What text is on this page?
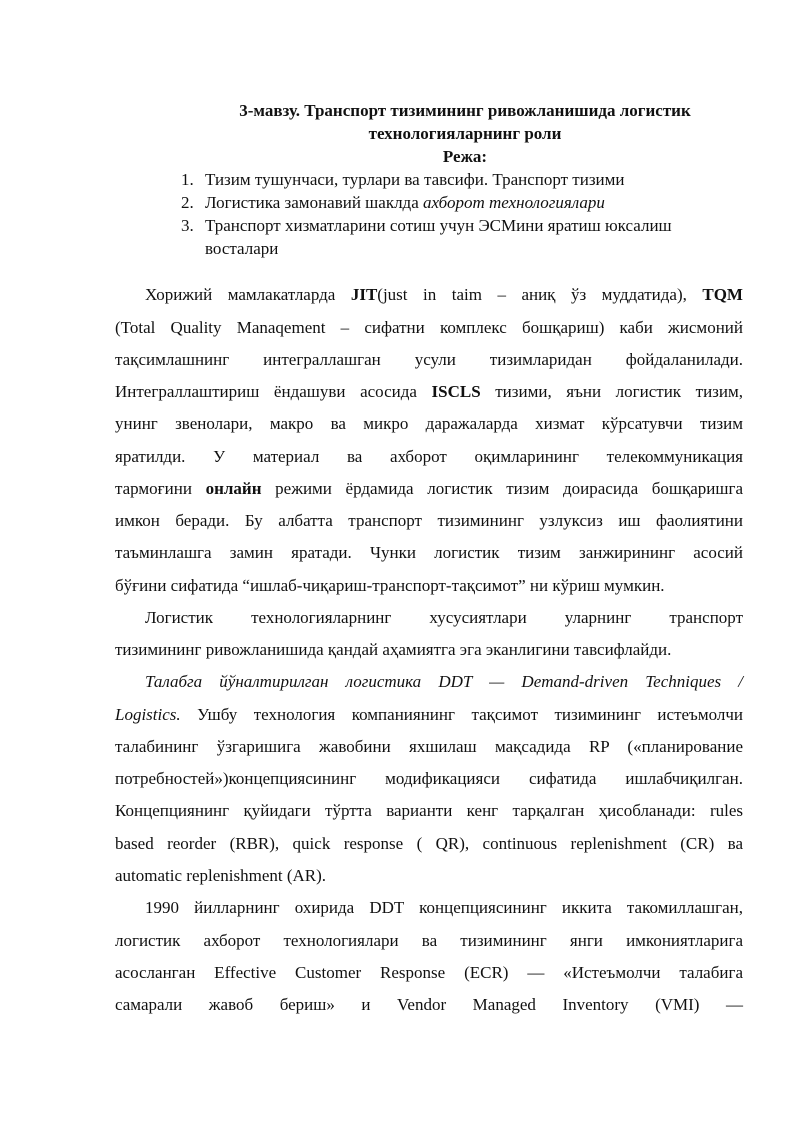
3-мавзу. Транспорт тизимининг ривожланишида логистик
технологияларнинг роли
Режа:
1. Тизим тушунчаси, турлари ва тавсифи. Транспорт тизими
2. Логистика замонавий шаклда ахборот технологиялари
3. Транспорт хизматларини сотиш учун ЭСМини яратиш юксалиш
восталари
Хорижий мамлакатларда JIT(just in taim – аниқ ўз муддатида), TQM
(Total Quality Manaqement – сифатни комплекс бошқариш) каби жисмоний
тақсимлашнинг интеграллашган усули тизимларидан фойдаланилади.
Интеграллаштириш ёндашуви асосида ISCLS тизими, яъни логистик тизим,
унинг звенолари, макро ва микро даражаларда хизмат кўрсатувчи тизим
яратилди. У материал ва ахборот оқимларининг телекоммуникация
тармоғини онлайн режими ёрдамида логистик тизим доирасида бошқаришга
имкон беради. Бу албатта транспорт тизимининг узлуксиз иш фаолиятини
таъминлашга замин яратади. Чунки логистик тизим занжирининг асосий
бўғини сифатида “ишлаб-чиқариш-транспорт-тақсимот” ни кўриш мумкин.
Логистик технологияларнинг хусусиятлари уларнинг транспорт
тизимининг ривожланишида қандай аҳамиятга эга эканлигини тавсифлайди.
Талабга йўналтирилган логистика DDT — Demand-driven Techniques /
Logistics. Ушбу технология компаниянинг тақсимот тизимининг истеъмолчи
талабининг ўзгаришига жавобини яхшилаш мақсадида RP («планирование
потребностей»)концепциясининг модификацияси сифатида ишлабчиқилган.
Концепциянинг қуйидаги тўртта варианти кенг тарқалган ҳисобланади: rules
based reorder (RBR), quick response ( QR), continuous replenishment (CR) ва
automatic replenishment (AR).
1990 йилларнинг охирида DDT концепциясининг иккита такомиллашган,
логистик ахборот технологиялари ва тизимининг янги имкониятларига
асосланган Effective Customer Response (ECR) — «Истеъмолчи талабига
самарали жавоб бериш» и Vendor Managed Inventory (VMI) —
